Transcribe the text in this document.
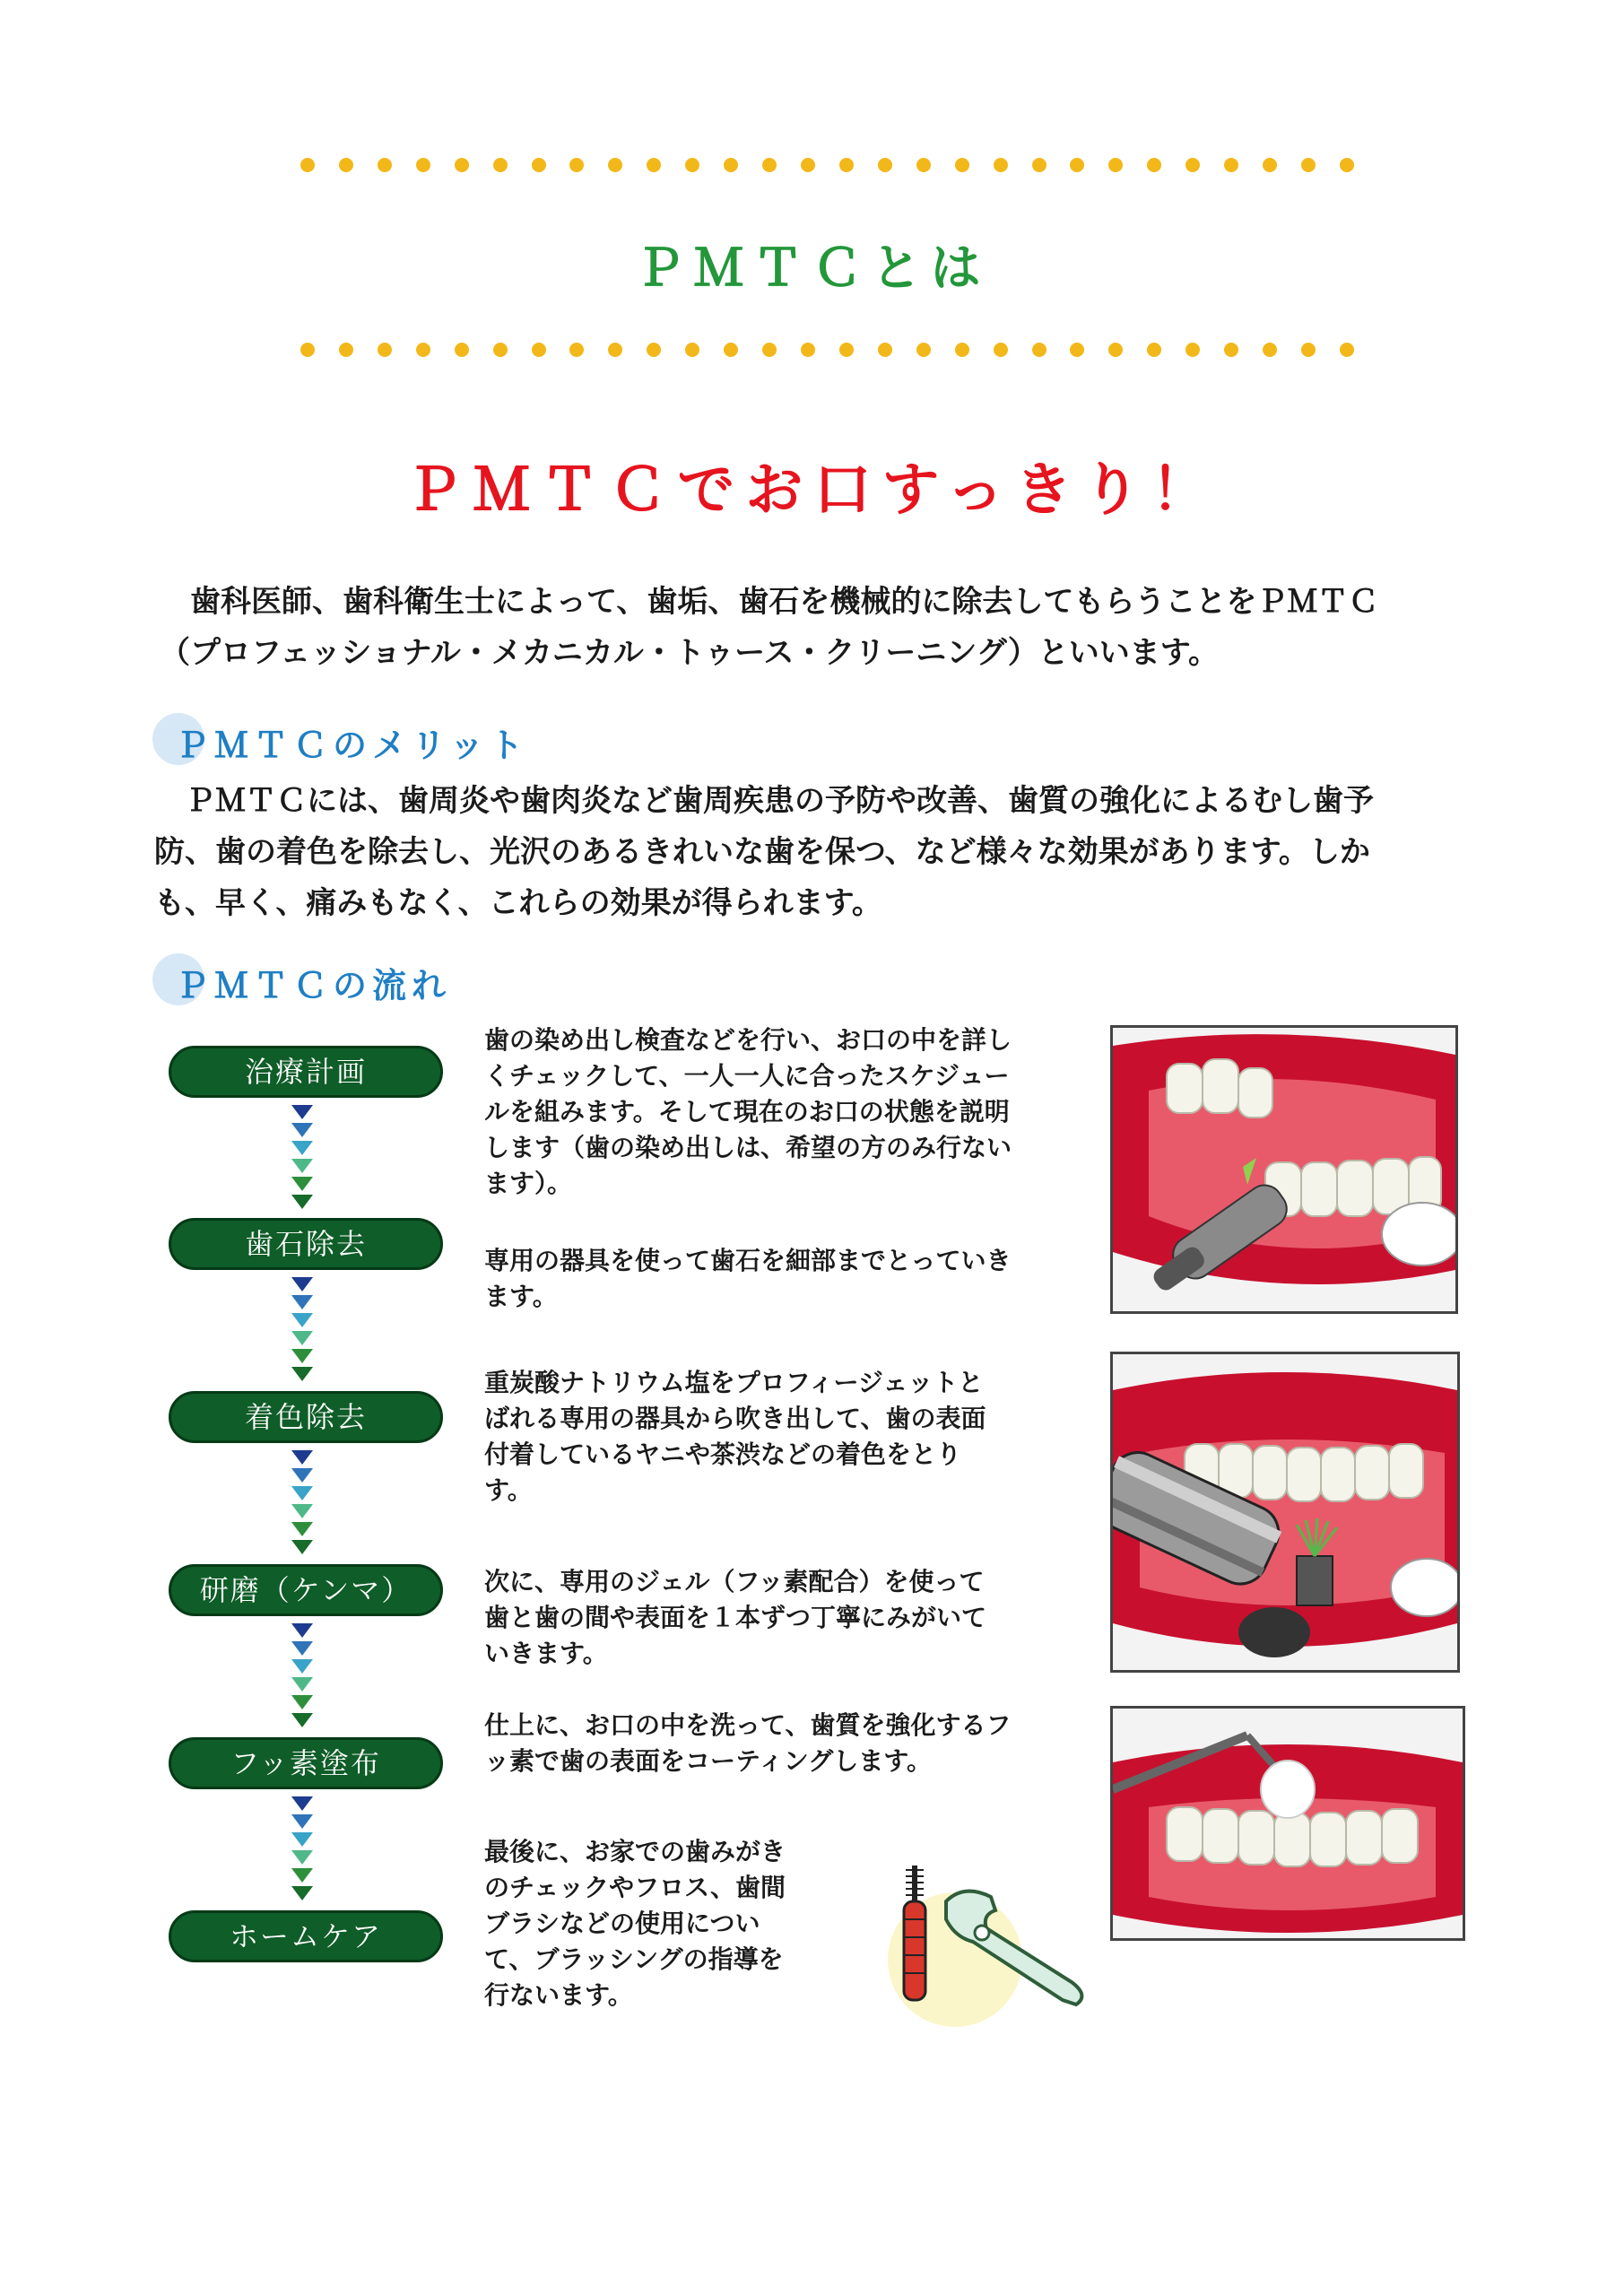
ＰＭＴＣとは
ＰＭＴＣでお口すっきり！

　歯科医師、歯科衛生士によって、歯垢、歯石を機械的に除去してもらうことをＰＭＴＣ

（プロフェッショナル・メカニカル・トゥース・クリーニング）といいます。

ＰＭＴＣのメリット

　ＰＭＴＣには、歯周炎や歯肉炎など歯周疾患の予防や改善、歯質の強化によるむし歯予

防、歯の着色を除去し、光沢のあるきれいな歯を保つ、など様々な効果があります。しか

も、早く、痛みもなく、これらの効果が得られます。

ＰＭＴＣの流れ
治療計画
歯石除去
着色除去
研磨（ケンマ）
フッ素塗布
ホームケア
歯の染め出し検査などを行い、お口の中を詳し
くチェックして、一人一人に合ったスケジュー
ルを組みます。そして現在のお口の状態を説明
します（歯の染め出しは、希望の方のみ行ない
ます）。
専用の器具を使って歯石を細部までとっていき
ます。
重炭酸ナトリウム塩をプロフィージェットと
ばれる専用の器具から吹き出して、歯の表面
付着しているヤニや茶渋などの着色をとり
す。
次に、専用のジェル（フッ素配合）を使って
歯と歯の間や表面を１本ずつ丁寧にみがいて
いきます。
仕上に、お口の中を洗って、歯質を強化するフ
ッ素で歯の表面をコーティングします。
最後に、お家での歯みがき
のチェックやフロス、歯間
ブラシなどの使用につい
て、ブラッシングの指導を
行ないます。
